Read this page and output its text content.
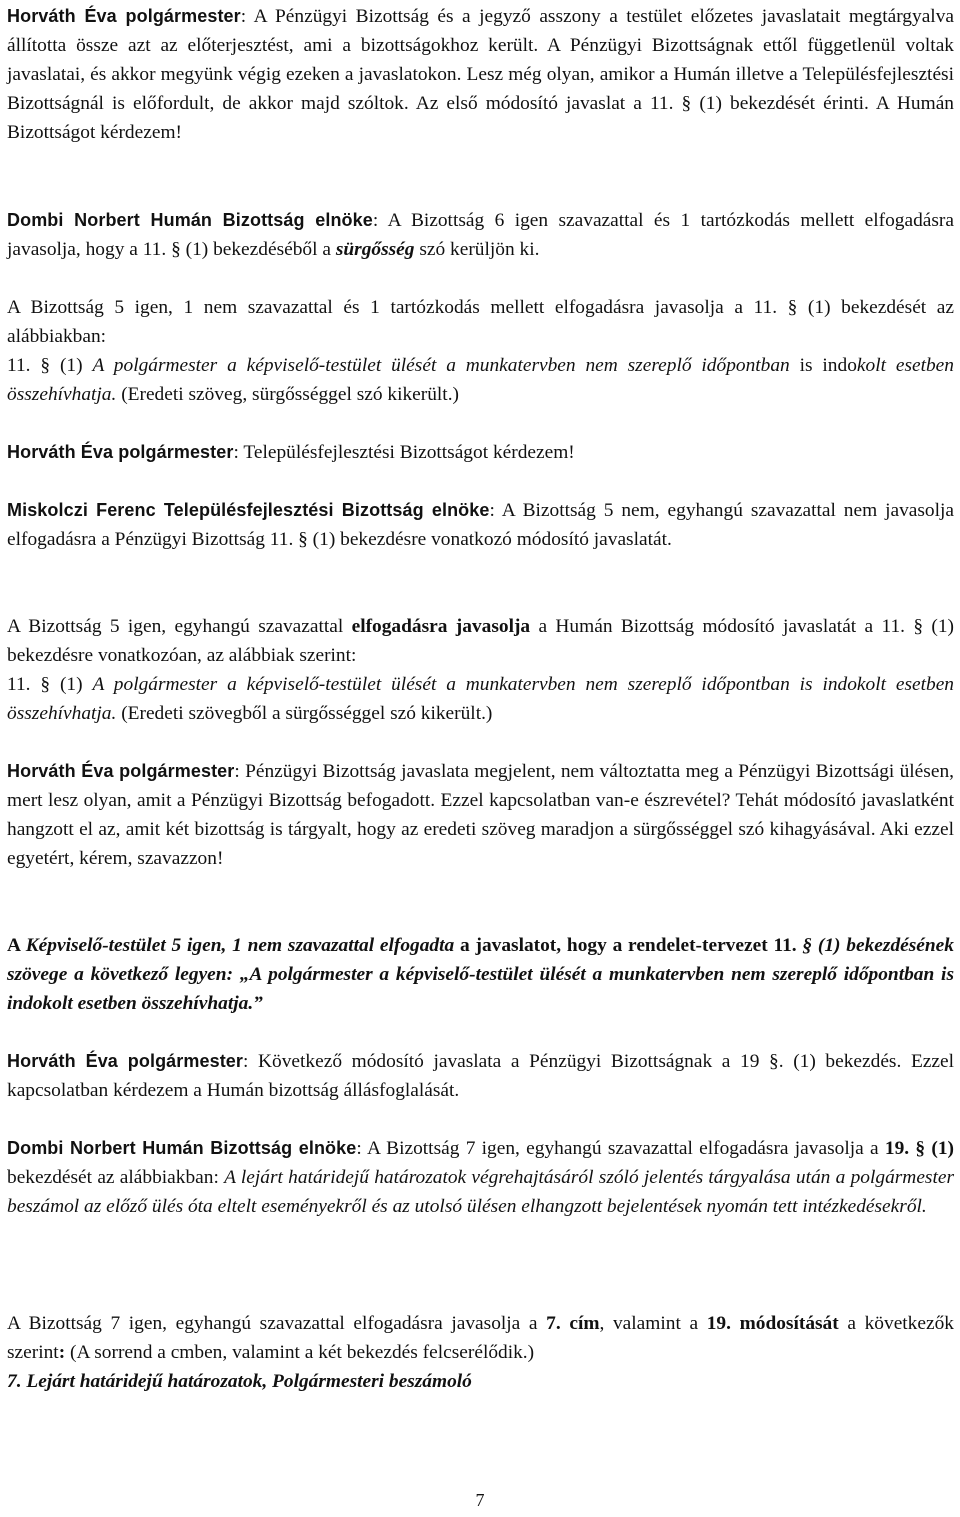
Horváth Éva polgármester: A Pénzügyi Bizottság és a jegyző asszony a testület előzetes javaslatait megtárgyalva állította össze azt az előterjesztést, ami a bizottságokhoz került. A Pénzügyi Bizottságnak ettől függetlenül voltak javaslatai, és akkor megyünk végig ezeken a javaslatokon. Lesz még olyan, amikor a Humán illetve a Településfejlesztési Bizottságnál is előfordult, de akkor majd szóltok. Az első módosító javaslat a 11. § (1) bekezdését érinti. A Humán Bizottságot kérdezem!

Dombi Norbert Humán Bizottság elnöke: A Bizottság 6 igen szavazattal és 1 tartózkodás mellett elfogadásra javasolja, hogy a 11. § (1) bekezdéséből a sürgősség szó kerüljön ki.

A Bizottság 5 igen, 1 nem szavazattal és 1 tartózkodás mellett elfogadásra javasolja a 11. § (1) bekezdését az alábbiakban:

11. § (1) A polgármester a képviselő-testület ülését a munkatervben nem szereplő időpontban is indokolt esetben összehívhatja. (Eredeti szöveg, sürgősséggel szó kikerült.)

Horváth Éva polgármester: Településfejlesztési Bizottságot kérdezem!

Miskolczi Ferenc Településfejlesztési Bizottság elnöke: A Bizottság 5 nem, egyhangú szavazattal nem javasolja elfogadásra a Pénzügyi Bizottság 11. § (1) bekezdésre vonatkozó módosító javaslatát.

A Bizottság 5 igen, egyhangú szavazattal elfogadásra javasolja a Humán Bizottság módosító javaslatát a 11. § (1) bekezdésre vonatkozóan, az alábbiak szerint:

11. § (1) A polgármester a képviselő-testület ülését a munkatervben nem szereplő időpontban is indokolt esetben összehívhatja. (Eredeti szövegből a sürgősséggel szó kikerült.)

Horváth Éva polgármester: Pénzügyi Bizottság javaslata megjelent, nem változtatta meg a Pénzügyi Bizottsági ülésen, mert lesz olyan, amit a Pénzügyi Bizottság befogadott. Ezzel kapcsolatban van-e észrevétel? Tehát módosító javaslatként hangzott el az, amit két bizottság is tárgyalt, hogy az eredeti szöveg maradjon a sürgősséggel szó kihagyásával. Aki ezzel egyetért, kérem, szavazzon!

A Képviselő-testület 5 igen, 1 nem szavazattal elfogadta a javaslatot, hogy a rendelet-tervezet 11. § (1) bekezdésének szövege a következő legyen: „A polgármester a képviselő-testület ülését a munkatervben nem szereplő időpontban is indokolt esetben összehívhatja.”

Horváth Éva polgármester: Következő módosító javaslata a Pénzügyi Bizottságnak a 19 §. (1) bekezdés. Ezzel kapcsolatban kérdezem a Humán bizottság állásfoglalását.

Dombi Norbert Humán Bizottság elnöke: A Bizottság 7 igen, egyhangú szavazattal elfogadásra javasolja a 19. § (1) bekezdését az alábbiakban: A lejárt határidejű határozatok végrehajtásáról szóló jelentés tárgyalása után a polgármester beszámol az előző ülés óta eltelt eseményekről és az utolsó ülésen elhangzott bejelentések nyomán tett intézkedésekről.

A Bizottság 7 igen, egyhangú szavazattal elfogadásra javasolja a 7. cím, valamint a 19. módosítását a következők szerint: (A sorrend a cmben, valamint a két bekezdés felcserélődik.)

7. Lejárt határidejű határozatok, Polgármesteri beszámoló

7
